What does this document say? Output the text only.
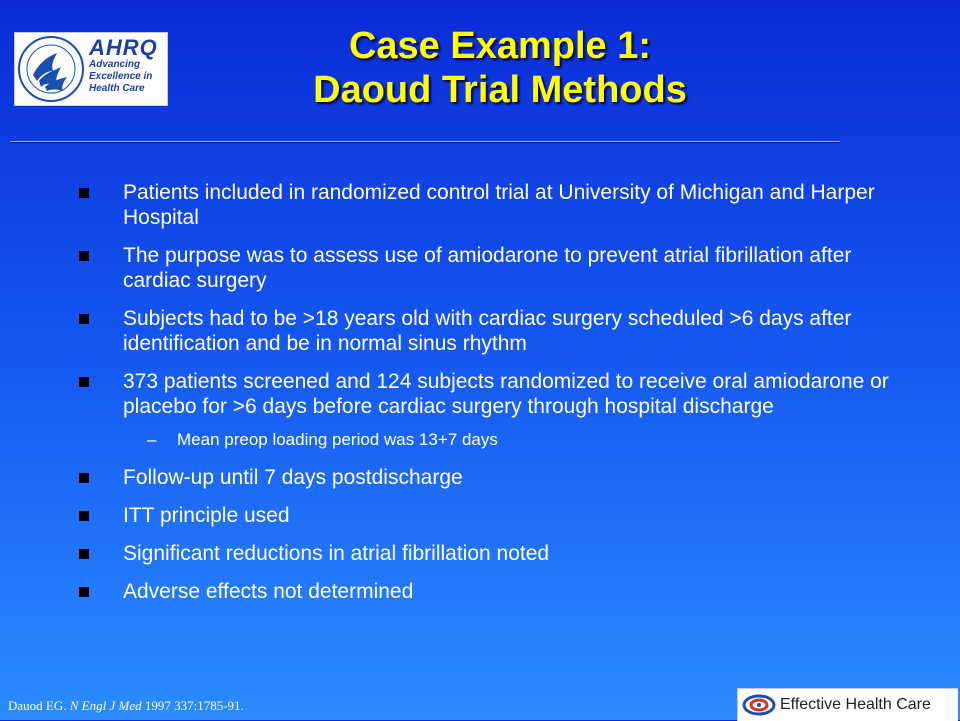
AHRQ
Advancing
Excellence in
Health Care
Case Example 1:
Daoud Trial Methods
Patients included in randomized control trial at University of Michigan and Harper Hospital
The purpose was to assess use of amiodarone to prevent atrial fibrillation after cardiac surgery
Subjects had to be >18 years old with cardiac surgery scheduled >6 days after identification and be in normal sinus rhythm
373 patients screened and 124 subjects randomized to receive oral amiodarone or placebo for >6 days before cardiac surgery through hospital discharge
– Mean preop loading period was 13+7 days
Follow-up until 7 days postdischarge
ITT principle used
Significant reductions in atrial fibrillation noted
Adverse effects not determined
Dauod EG. N Engl J Med 1997 337:1785-91.	Effective Health Care
